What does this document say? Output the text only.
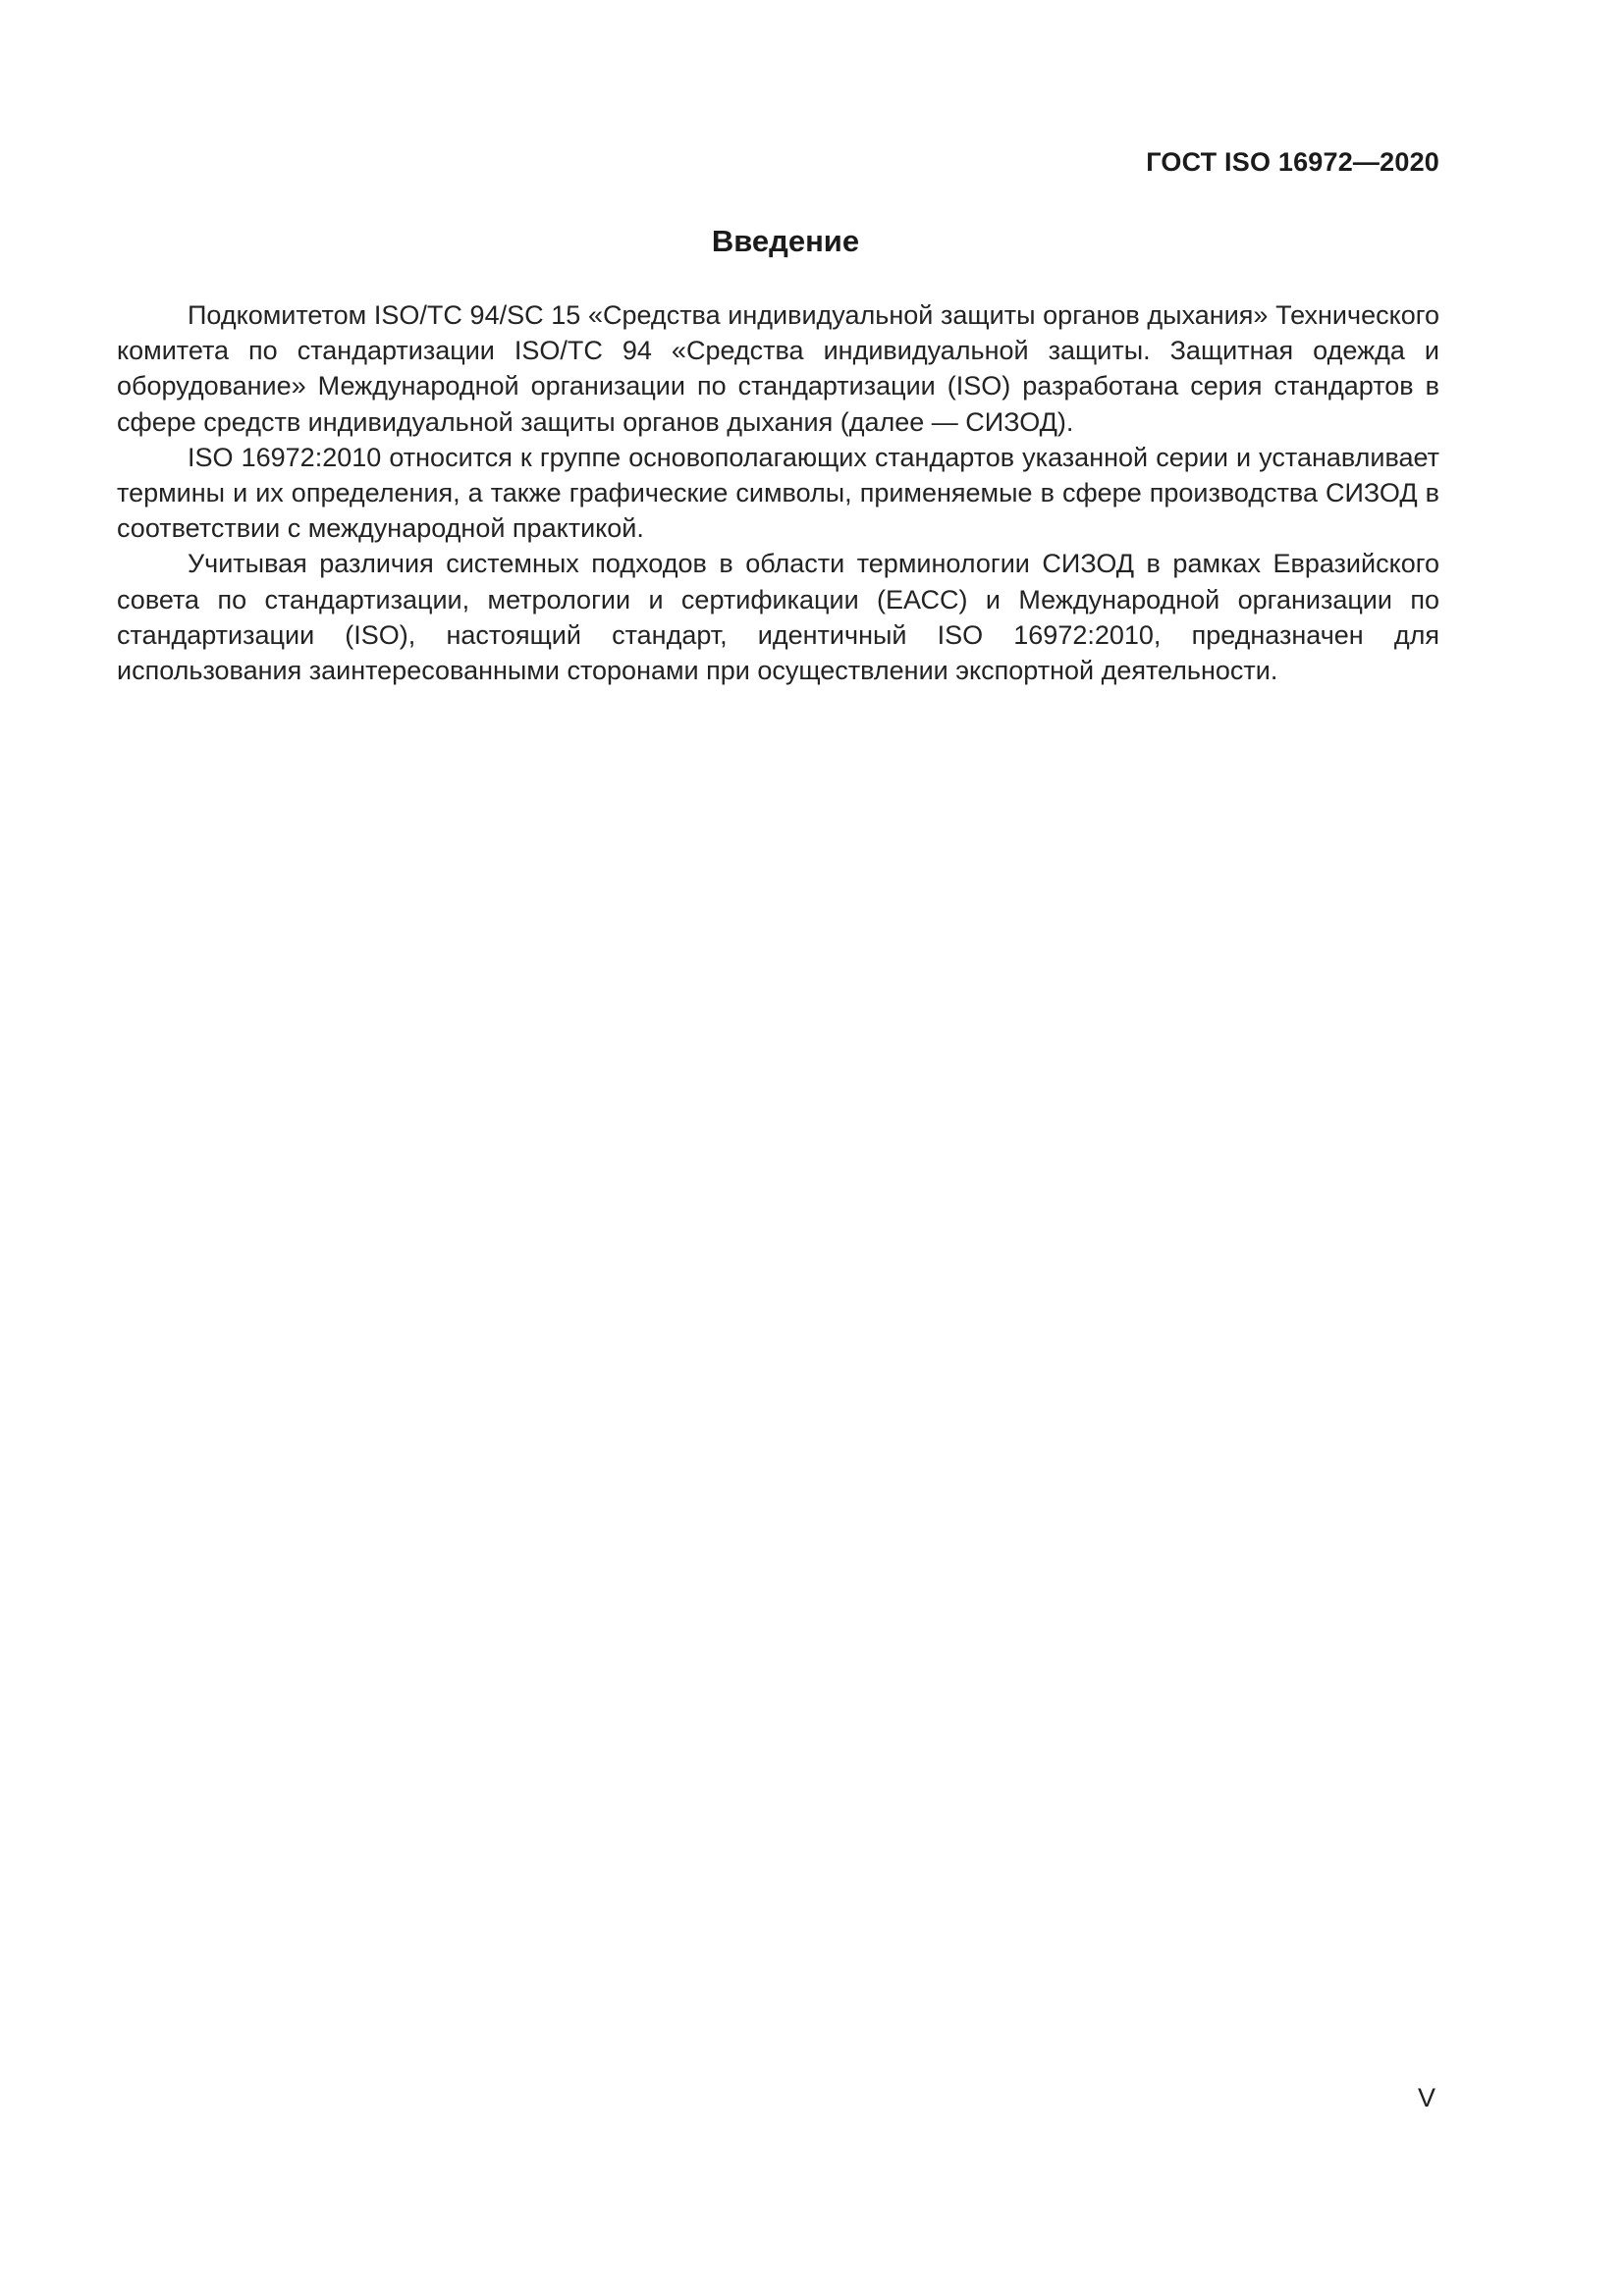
ГОСТ ISO 16972—2020
Введение

Подкомитетом ISO/TC 94/SC 15 «Средства индивидуальной защиты органов дыхания» Технического комитета по стандартизации ISO/TC 94 «Средства индивидуальной защиты. Защитная одежда и оборудование» Международной организации по стандартизации (ISO) разработана серия стандартов в сфере средств индивидуальной защиты органов дыхания (далее — СИЗОД).

ISO 16972:2010 относится к группе основополагающих стандартов указанной серии и устанавливает термины и их определения, а также графические символы, применяемые в сфере производства СИЗОД в соответствии с международной практикой.

Учитывая различия системных подходов в области терминологии СИЗОД в рамках Евразийского совета по стандартизации, метрологии и сертификации (ЕАСС) и Международной организации по стандартизации (ISO), настоящий стандарт, идентичный ISO 16972:2010, предназначен для использования заинтересованными сторонами при осуществлении экспортной деятельности.

V
